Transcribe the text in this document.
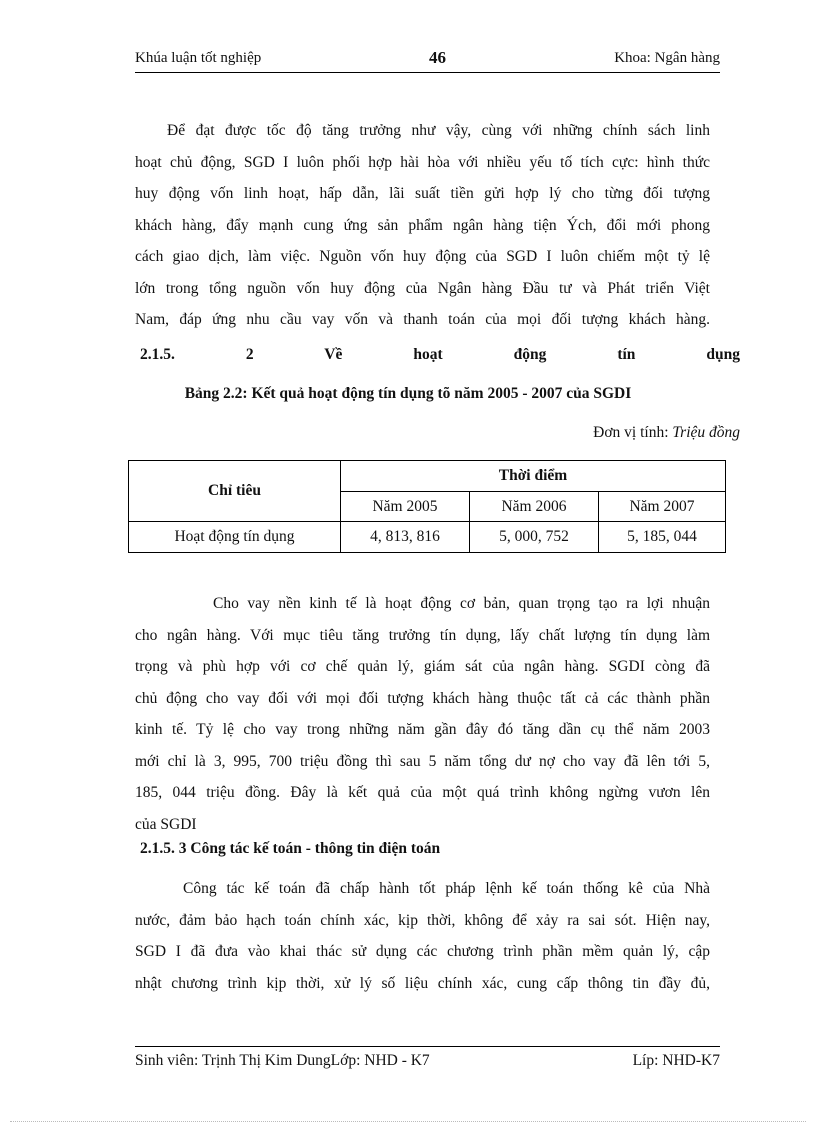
Khúa luận tốt nghiệp	46	Khoa: Ngân hàng
Để đạt được tốc độ tăng trưởng như vậy, cùng với những chính sách linh
hoạt chủ động, SGD I luôn phối hợp hài hòa với nhiều yếu tố tích cực: hình thức
huy động vốn linh hoạt, hấp dẫn, lãi suất tiền gửi hợp lý cho từng đối tượng
khách hàng, đẩy mạnh cung ứng sản phẩm ngân hàng tiện Ých, đổi mới phong
cách giao dịch, làm việc. Nguồn vốn huy động của SGD I luôn chiếm một tỷ lệ
lớn trong tổng nguồn vốn huy động của Ngân hàng Đầu tư và Phát triển Việt
Nam, đáp ứng nhu cầu vay vốn và thanh toán của mọi đối tượng khách hàng.
2.1.5.	2	Về	hoạt	động	tín	dụng
Bảng 2.2: Kết quả hoạt động tín dụng tõ năm 2005 - 2007 của SGDI
Đơn vị tính: Triệu đồng
Chỉ tiêu	Thời điểm		
	Năm 2005	Năm 2006	Năm 2007
Hoạt động tín dụng	4, 813, 816	5, 000, 752	5, 185, 044
Cho vay nền kinh tế là hoạt động cơ bản, quan trọng tạo ra lợi nhuận
cho ngân hàng. Với mục tiêu tăng trưởng tín dụng, lấy chất lượng tín dụng làm
trọng và phù hợp với cơ chế quản lý, giám sát của ngân hàng. SGDI còng đã
chủ động cho vay đối với mọi đối tượng khách hàng thuộc tất cả các thành phần
kinh tế. Tỷ lệ cho vay trong những năm gần đây đó tăng dần cụ thể năm 2003
mới chỉ là 3, 995, 700 triệu đồng thì sau 5 năm tổng dư nợ cho vay đã lên tới 5,
185, 044 triệu đồng. Đây là kết quả của một quá trình không ngừng vươn lên
của SGDI
2.1.5. 3 Công tác kế toán - thông tin điện toán
Công tác kế toán đã chấp hành tốt pháp lệnh kế toán thống kê của Nhà
nước, đảm bảo hạch toán chính xác, kịp thời, không để xảy ra sai sót. Hiện nay,
SGD I đã đưa vào khai thác sử dụng các chương trình phần mềm quản lý, cập
nhật chương trình kịp thời, xử lý số liệu chính xác, cung cấp thông tin đầy đủ,
Sinh viên: Trịnh Thị Kim DungLớp: NHD - K7	Líp: NHD-K7
